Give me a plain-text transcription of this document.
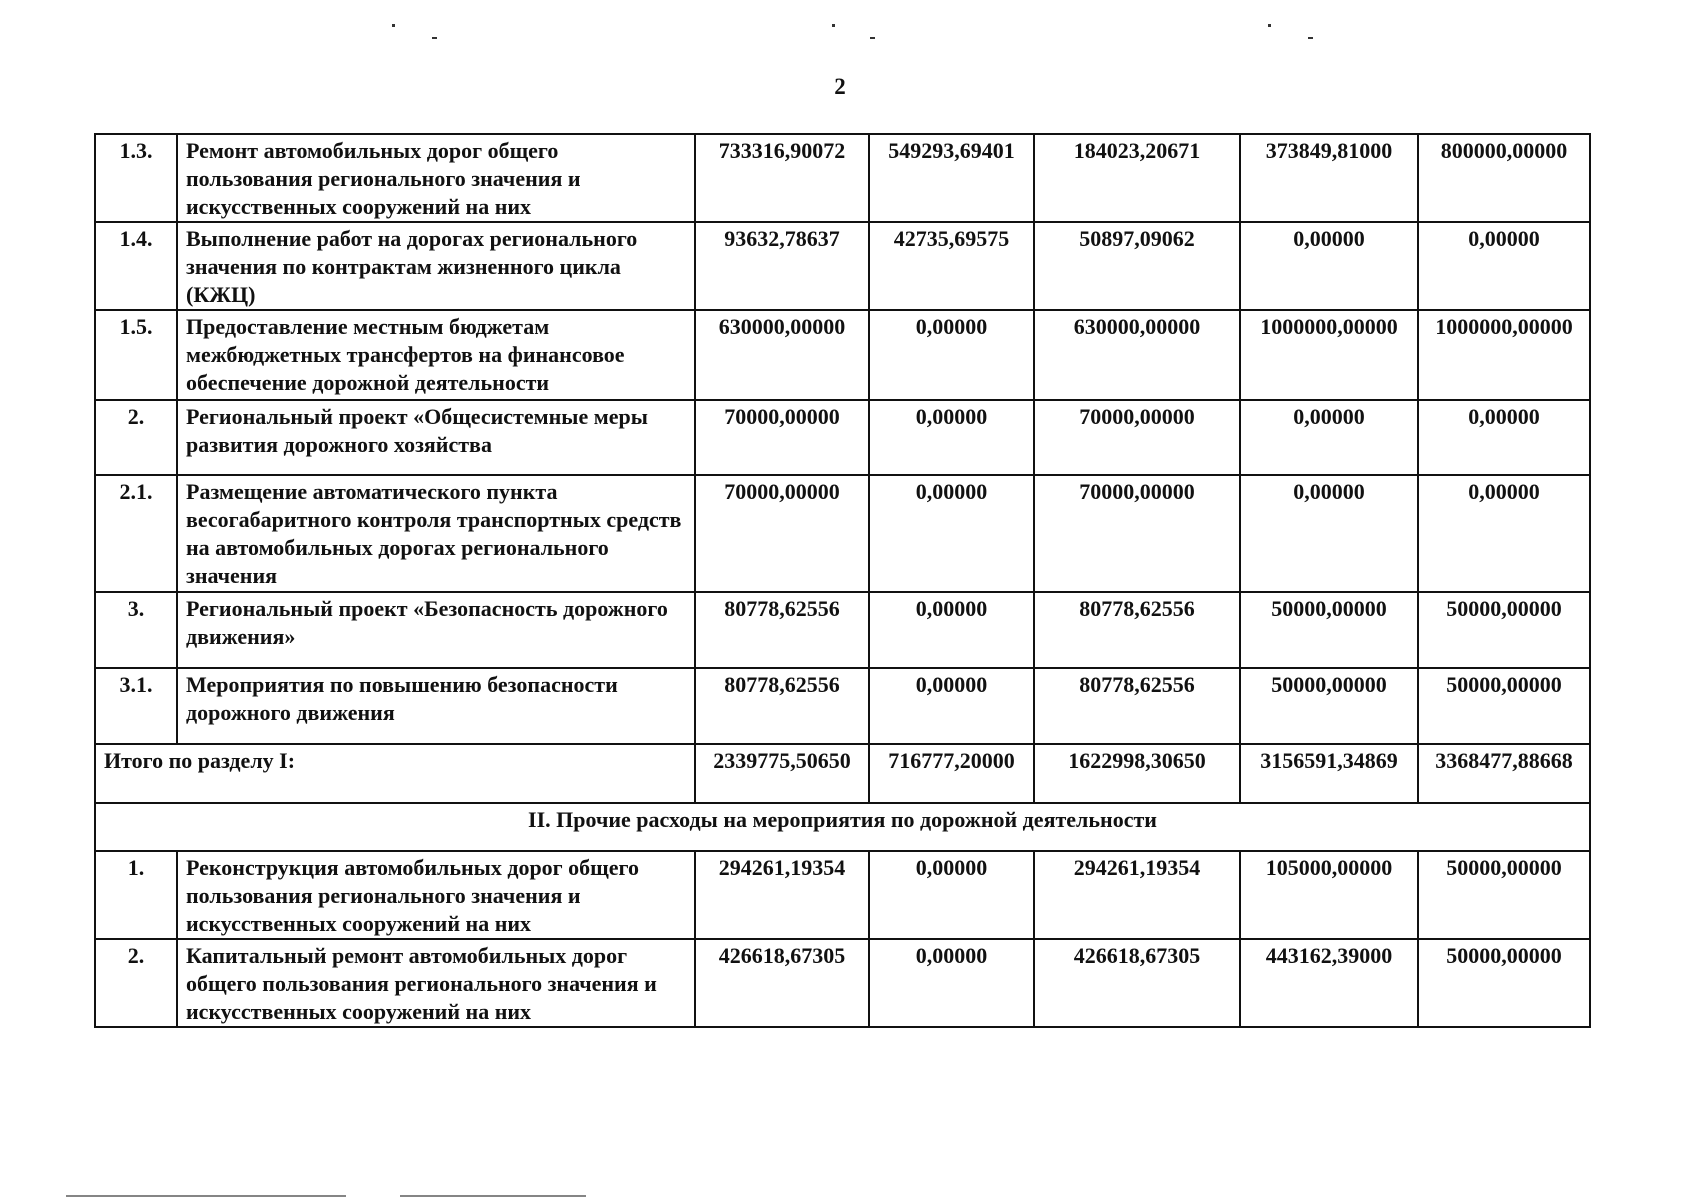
2
1.3.	Ремонт автомобильных дорог общего пользования регионального значения и искусственных сооружений на них	733316,90072	549293,69401	184023,20671	373849,81000	800000,00000
1.4.	Выполнение работ на дорогах регионального значения по контрактам жизненного цикла (КЖЦ)	93632,78637	42735,69575	50897,09062	0,00000	0,00000
1.5.	Предоставление местным бюджетам межбюджетных трансфертов на финансовое обеспечение дорожной деятельности	630000,00000	0,00000	630000,00000	1000000,00000	1000000,00000
2.	Региональный проект «Общесистемные меры развития дорожного хозяйства	70000,00000	0,00000	70000,00000	0,00000	0,00000
2.1.	Размещение автоматического пункта весогабаритного контроля транспортных средств на автомобильных дорогах регионального значения	70000,00000	0,00000	70000,00000	0,00000	0,00000
3.	Региональный проект «Безопасность дорожного движения»	80778,62556	0,00000	80778,62556	50000,00000	50000,00000
3.1.	Мероприятия по повышению безопасности дорожного движения	80778,62556	0,00000	80778,62556	50000,00000	50000,00000
Итого по разделу I:		2339775,50650	716777,20000	1622998,30650	3156591,34869	3368477,88668
II. Прочие расходы на мероприятия по дорожной деятельности						
1.	Реконструкция автомобильных дорог общего пользования регионального значения и искусственных сооружений на них	294261,19354	0,00000	294261,19354	105000,00000	50000,00000
2.	Капитальный ремонт автомобильных дорог общего пользования регионального значения и искусственных сооружений на них	426618,67305	0,00000	426618,67305	443162,39000	50000,00000
